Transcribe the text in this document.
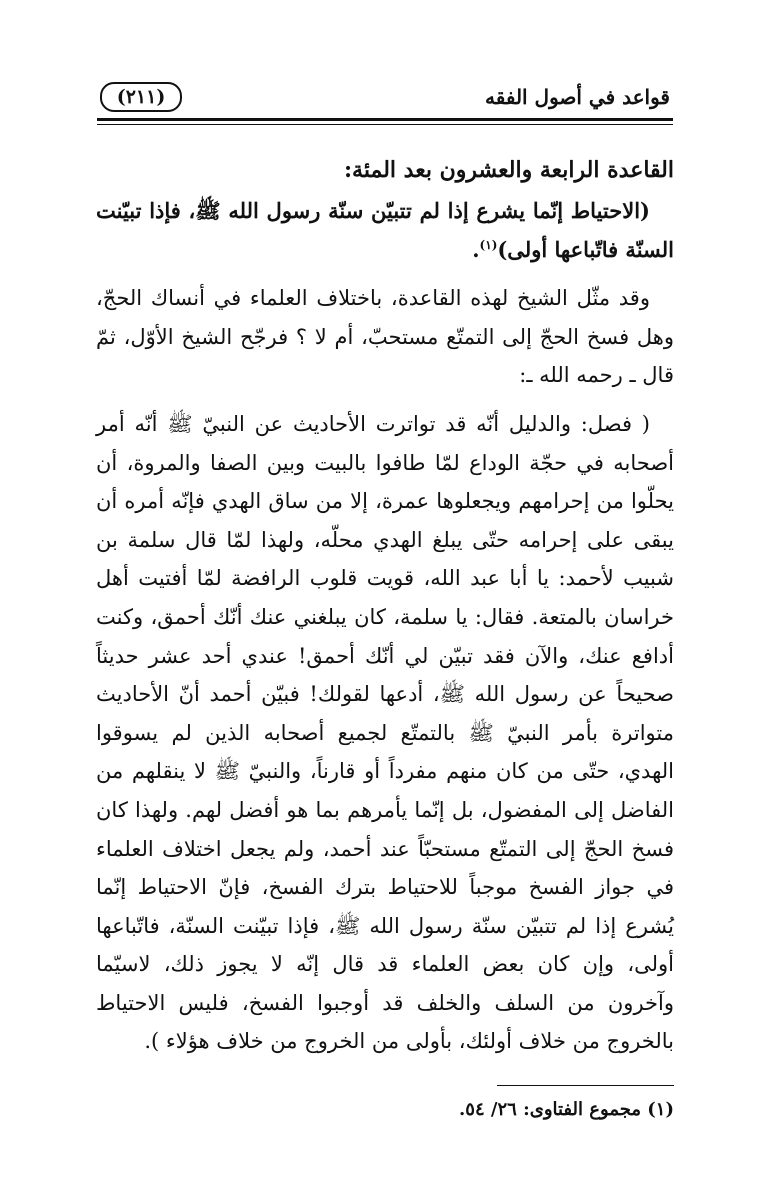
قواعد في أصول الفقه
(٢١١)
القاعدة الرابعة والعشرون بعد المئة:

(الاحتياط إنّما يشرع إذا لم تتبيّن سنّة رسول الله ﷺ، فإذا تبيّنت السنّة فاتّباعها أولى)$^{(١)}$.

وقد مثّل الشيخ لهذه القاعدة، باختلاف العلماء في أنساك الحجّ، وهل فسخ الحجّ إلى التمتّع مستحبّ، أم لا ؟ فرجّح الشيخ الأوّل، ثمّ قال ـ رحمه الله ـ:

( فصل: والدليل أنّه قد تواترت الأحاديث عن النبيّ ﷺ أنّه أمر أصحابه في حجّة الوداع لمّا طافوا بالبيت وبين الصفا والمروة، أن يحلّوا من إحرامهم ويجعلوها عمرة، إلا من ساق الهدي فإنّه أمره أن يبقى على إحرامه حتّى يبلغ الهدي محلّه، ولهذا لمّا قال سلمة بن شبيب لأحمد: يا أبا عبد الله، قويت قلوب الرافضة لمّا أفتيت أهل خراسان بالمتعة. فقال: يا سلمة، كان يبلغني عنك أنّك أحمق، وكنت أدافع عنك، والآن فقد تبيّن لي أنّك أحمق! عندي أحد عشر حديثاً صحيحاً عن رسول الله ﷺ، أدعها لقولك! فبيّن أحمد أنّ الأحاديث متواترة بأمر النبيّ ﷺ بالتمتّع لجميع أصحابه الذين لم يسوقوا الهدي، حتّى من كان منهم مفرداً أو قارناً، والنبيّ ﷺ لا ينقلهم من الفاضل إلى المفضول، بل إنّما يأمرهم بما هو أفضل لهم. ولهذا كان فسخ الحجّ إلى التمتّع مستحبّاً عند أحمد، ولم يجعل اختلاف العلماء في جواز الفسخ موجباً للاحتياط بترك الفسخ، فإنّ الاحتياط إنّما يُشرع إذا لم تتبيّن سنّة رسول الله ﷺ، فإذا تبيّنت السنّة، فاتّباعها أولى، وإن كان بعض العلماء قد قال إنّه لا يجوز ذلك، لاسيّما وآخرون من السلف والخلف قد أوجبوا الفسخ، فليس الاحتياط بالخروج من خلاف أولئك، بأولى من الخروج من خلاف هؤلاء ).

(١) مجموع الفتاوى: ٢٦/ ٥٤.
